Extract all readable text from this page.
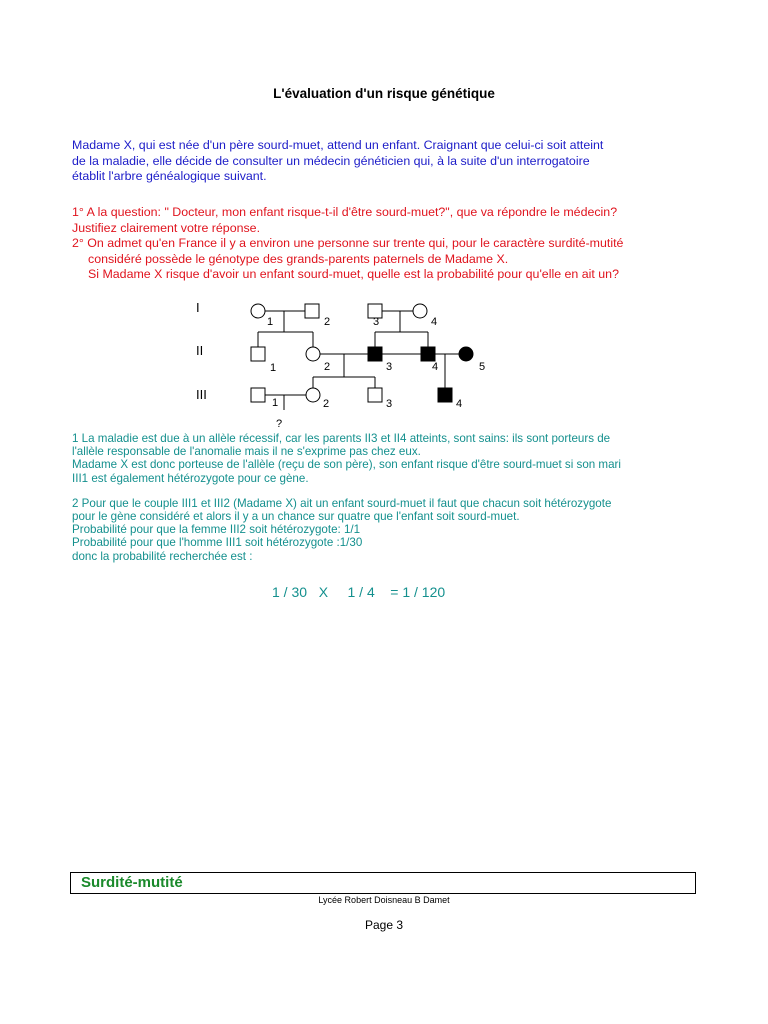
L'évaluation d'un risque génétique
Madame X, qui est née d'un père sourd-muet, attend un enfant. Craignant que celui-ci soit atteint
de la maladie, elle décide de consulter un médecin généticien qui, à la suite d'un interrogatoire
établit l'arbre généalogique suivant.
1° A la question: " Docteur, mon enfant risque-t-il d'être sourd-muet?", que va répondre le médecin?
Justifiez clairement votre réponse.
2° On admet qu'en France il y a environ une personne sur trente qui, pour le caractère surdité-mutité
considéré possède le génotype des grands-parents paternels de Madame X.
Si Madame X risque d'avoir un enfant sourd-muet, quelle est la probabilité pour qu'elle en ait un?
I
II
III
1	2	3	4
1	2	3	4	5
1	2	3	4
?
1 La maladie est due à un allèle récessif, car les parents II3 et II4 atteints, sont sains: ils sont porteurs de
l'allèle responsable de l'anomalie mais il ne s'exprime pas chez eux.
Madame X est donc porteuse de l'allèle (reçu de son père), son enfant risque d'être sourd-muet si son mari
III1 est également hétérozygote pour ce gène.
2 Pour que le couple III1 et III2 (Madame X) ait un enfant sourd-muet il faut que chacun soit hétérozygote
pour le gène considéré et alors il y a un chance sur quatre que l'enfant soit sourd-muet.
Probabilité pour que la femme III2 soit hétérozygote: 1/1
Probabilité pour que l'homme III1 soit hétérozygote :1/30
donc la probabilité recherchée est :
1 / 30   X     1 / 4    = 1 / 120
Surdité-mutité
Lycée Robert Doisneau B Damet
Page 3
